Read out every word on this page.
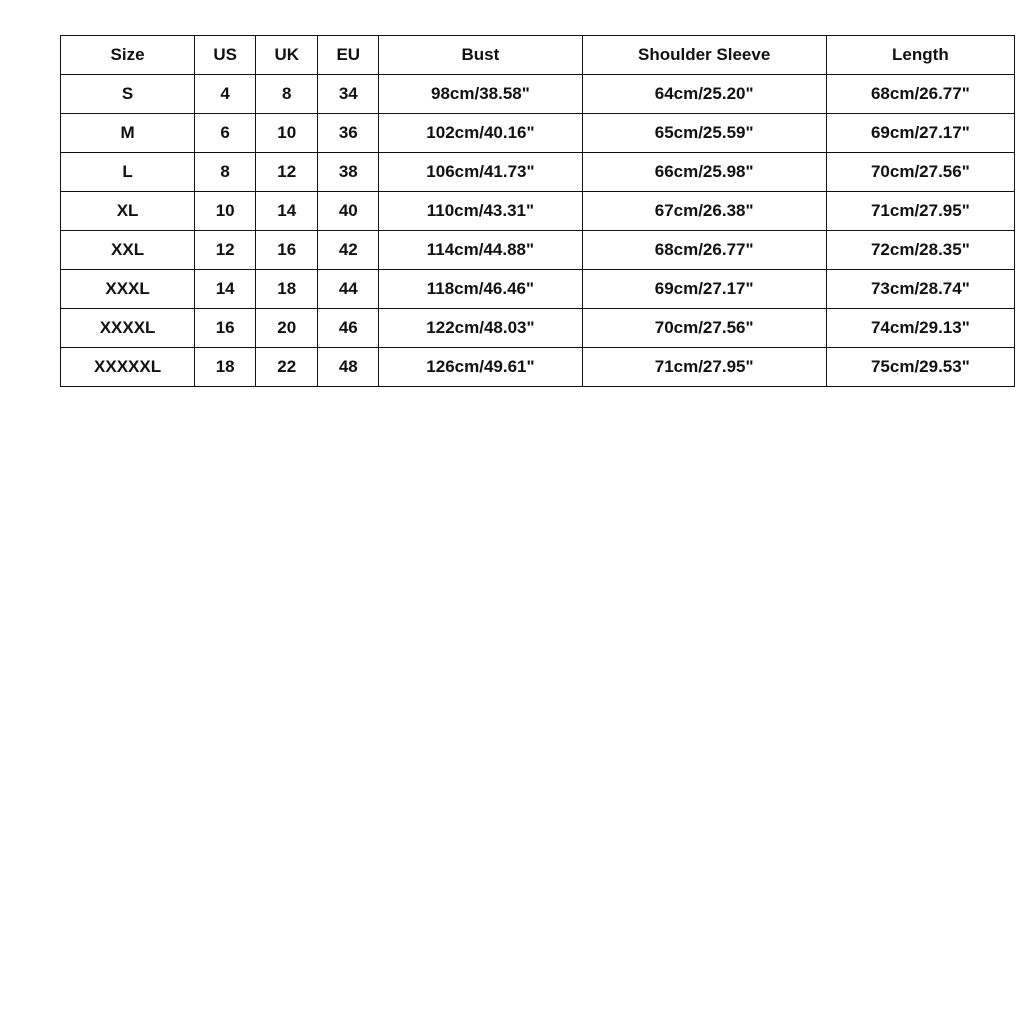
Size	US	UK	EU	Bust	Shoulder Sleeve	Length
S	4	8	34	98cm/38.58"	64cm/25.20"	68cm/26.77"
M	6	10	36	102cm/40.16"	65cm/25.59"	69cm/27.17"
L	8	12	38	106cm/41.73"	66cm/25.98"	70cm/27.56"
XL	10	14	40	110cm/43.31"	67cm/26.38"	71cm/27.95"
XXL	12	16	42	114cm/44.88"	68cm/26.77"	72cm/28.35"
XXXL	14	18	44	118cm/46.46"	69cm/27.17"	73cm/28.74"
XXXXL	16	20	46	122cm/48.03"	70cm/27.56"	74cm/29.13"
XXXXXL	18	22	48	126cm/49.61"	71cm/27.95"	75cm/29.53"
